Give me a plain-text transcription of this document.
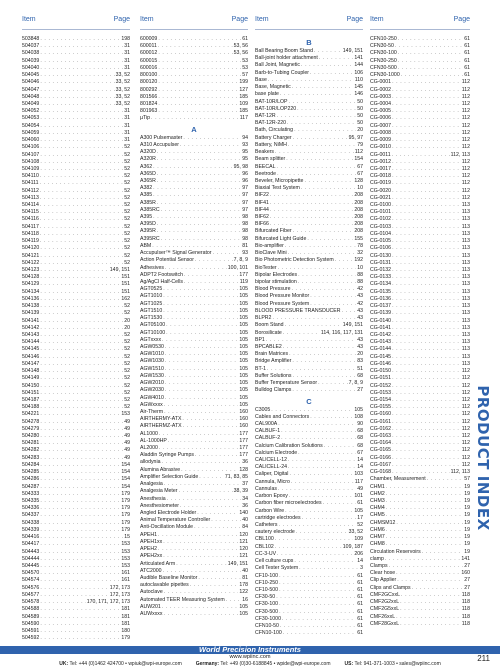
Item	Page Item	Page Item	Page Item	Page
503848 . . .	198
504037 . . .	31
504038 . . .	31
504039 . . .	31
504040 . . .	31
504045 . . .	33, 52
504046 . . .	33, 52
504047 . . .	33, 52
504048 . . .	33, 52
504049 . . .	33, 52
504052 . . .	31
504053 . . .	31
504054 . . .	31
504059 . . .	31
504060 . . .	31
504106 . . .	52
504107 . . .	52
504108 . . .	52
504109 . . .	52
504110 . . .	52
504111 . . .	52
504112 . . .	52
504113 . . .	52
504114 . . .	52
504115 . . .	52
504116 . . .	52
504117 . . .	52
504118 . . .	52
504119 . . .	52
504120 . . .	52
504121 . . .	52
504122 . . .	52
504123 . . .	149, 151
504128 . . .	151
504129 . . .	151
504134 . . .	151
504136 . . .	162
504138 . . .	52
504139 . . .	52
504141 . . .	20
504142 . . .	20
504143 . . .	52
504144 . . .	52
504145 . . .	52
504146 . . .	52
504147 . . .	52
504148 . . .	52
504149 . . .	52
504150 . . .	52
504151 . . .	52
504187 . . .	52
504188 . . .	52
504221 . . .	153
504278 . . .	49
504279 . . .	49
504280 . . .	49
504281 . . .	49
504282 . . .	49
504283 . . .	49
504284 . . .	154
504285 . . .	154
504286 . . .	154
504287 . . .	154
504333 . . .	179
504335 . . .	179
504336 . . .	179
504337 . . .	179
504338 . . .	179
504339 . . .	179
504416 . . .	15
504417 . . .	153
504443 . . .	153
504444 . . .	153
504445 . . .	153
504570 . . .	161
504574 . . .	161
504576 . . .	172, 173
504577 . . .	172, 173
504578 . . .	170, 171, 172, 173
504588 . . .	181
504589 . . .	181
504590 . . .	181
504591 . . .	180
504592 . . .	179
600009 . . .	61
600011 . . .	53, 56
600012 . . .	53, 56
600015 . . .	53
600016 . . .	53
800100 . . .	57
800120 . . .	199
800292 . . .	127
801566 . . .	185
801824 . . .	109
801963 . . .	185
µTip . . .	117
A
A300 Pulsemaster . . .	94
A310 Accupulser . . .	93
A320D . . .	95
A320R . . .	95
A362 . . .	95, 98
A365D . . .	96
A365R . . .	96
A382 . . .	97
A385 . . .	97
A385R . . .	97
A385RC . . .	97
A395 . . .	98
A395D . . .	98
A395R . . .	98
A395RC . . .	98
ABM . . .	81
Accupulser™ Signal Generator . . .	93
Action Potential Sensor . . .	7, 8, 9
Adhesives . . .	100, 101
ADPT2 Footswitch . . .	177
Ag/AgCl Half-Cells . . .	119
AGT0525 . . .	105
AGT1010 . . .	105
AGT1025 . . .	105
AGT1510 . . .	105
AGT1530 . . .	105
AGT05100 . . .	105
AGT10100 . . .	105
AGTxxxx . . .	105
AGW0530 . . .	105
AGW1010 . . .	105
AGW1030 . . .	105
AGW1510 . . .	105
AGW1530 . . .	105
AGW2010 . . .	105
AGW2030 . . .	105
AGW4010 . . .	105
AGWxxxx . . .	105
Air-Therm . . .	160
AIRTHERMY-ATX . . .	160
AIRTHERMZ-ATX . . .	160
AL1000 . . .	177
AL-1000HP . . .	177
AL2000 . . .	177
Aladdin Syringe Pumps . . .	177
allodynia . . .	36
Alumina Abrasive . . .	128
Amplifier Selection Guide . . .	71, 83, 85
Analgesia . . .	37
Analgesia Meter . . .	38, 39
Anesthesia . . .	34
Anesthesiometer . . .	36
Angled Electrode Holder . . .	140
Animal Temperature Controller . . .	40
Anti-Oscillation Module . . .	84
APEH1 . . .	120
APEH1xx . . .	121
APEH2 . . .	120
APEH2xx . . .	121
Articulated Arm . . .	149, 151
ATC2000 . . .	40
Audible Baseline Monitor . . .	81
autoclavable pipettes . . .	178
Autoclave . . .	122
Automated TEER Measuring System . . .	16
AUW201 . . .	105
AUWxxxx . . .	105
B
Ball Bearing Boom Stand . . .	149, 151
Ball-joint holder attachment . . .	141
Ball Joint, Magnetic . . .	144
Barb-to-Tubing Coupler . . .	106
Base . . .	110
Base, Magnetic . . .	145
base plate . . .	146
BAT-10R/LOP . . .	50
BAT-10R/LOP220 . . .	50
BAT-12R . . .	50
BAT-12R-220 . . .	50
Bath, Circulating . . .	20
Battery Charger . . .	95, 97
Battery, NiMH . . .	79
Beakers . . .	112
Beam splitter . . .	154
BEECAL . . .	67
Beetrode . . .	67
Beveler, Micropipette . . .	128
Biaxial Test System . . .	10
BIF22 . . .	208
BIF41 . . .	208
BIF44 . . .	208
BIF62 . . .	208
BIF66 . . .	208
Bifurcated Fiber . . .	208
Bifurcated Light Guide . . .	155
Bio-amplifier . . .	78
BioClave Mini . . .	32
Bio Photometric Detection System . . .	192
BioTester . . .	10
Bipolar Electrodes . . .	88
bipolar stimulation . . .	88
Blood Pressure . . .	42
Blood Pressure Monitor . . .	43
Blood Pressure System . . .	42
BLOOD PRESSURE TRANSDUCER . . .	43
BLPR2 . . .	43
Boom Stand . . .	149, 151
Borosilicate . . .	114, 116, 117, 131
BP1 . . .	43
BPCABLE2 . . .	43
Brain Matrices . . .	20
Bridge Amplifier . . .	83
BT-1 . . .	51
Buffer Solutions . . .	68
Buffer Temperature Sensor . . .	7, 8, 9
Bulldog Clamps . . .	27
C
C3005 . . .	105
Cables and Connectors . . .	108
CAL900A . . .	90
CALBUF-1 . . .	68
CALBUF-2 . . .	68
Calcium Calibration Solutions . . .	68
Calcium Electrode . . .	67
CALICELL-12 . . .	14
CALICELL-24 . . .	14
Caliper, Digital . . .	103
Cannula, Micro . . .	117
Cannulas . . .	49
Carbon Epoxy . . .	101
Carbon fiber microelectrodes . . .	61
Carbon Wire . . .	105
cartridge electrodes . . .	17
Catheters . . .	52
cautery electrode . . .	33, 52
CBL100 . . .	109
CBL102 . . .	109, 187
CC-3-UV . . .	206
Cell culture cups . . .	14
Cell Tester System . . .	3
CF10-100 . . .	61
CF10-250 . . .	61
CF10-500 . . .	61
CF30-50 . . .	61
CF30-100 . . .	61
CF30-500 . . .	61
CF30-1000 . . .	61
CFN10-50 . . .	61
CFN10-100 . . .	61
CFN10-250 . . .	61
CFN30-50 . . .	61
CFN30-100 . . .	61
CFN30-250 . . .	61
CFN30-500 . . .	61
CFN30-1000 . . .	61
CG-0001 . . .	112
CG-0002 . . .	112
CG-0003 . . .	112
CG-0004 . . .	112
CG-0005 . . .	112
CG-0006 . . .	112
CG-0007 . . .	112
CG-0008 . . .	112
CG-0009 . . .	112
CG-0010 . . .	112
CG-0011 . . .	112, 113
CG-0012 . . .	112
CG-0017 . . .	112
CG-0018 . . .	112
CG-0019 . . .	112
CG-0020 . . .	112
CG-0021 . . .	112
CG-0100 . . .	113
CG-0101 . . .	113
CG-0102 . . .	113
CG-0103 . . .	113
CG-0104 . . .	113
CG-0105 . . .	113
CG-0106 . . .	113
CG-0130 . . .	113
CG-0131 . . .	113
CG-0132 . . .	113
CG-0133 . . .	113
CG-0134 . . .	113
CG-0135 . . .	113
CG-0136 . . .	113
CG-0137 . . .	113
CG-0139 . . .	113
CG-0140 . . .	113
CG-0141 . . .	113
CG-0142 . . .	113
CG-0143 . . .	113
CG-0144 . . .	113
CG-0145 . . .	113
CG-0146 . . .	113
CG-0150 . . .	112
CG-0151 . . .	112
CG-0152 . . .	112
CG-0153 . . .	112
CG-0154 . . .	112
CG-0155 . . .	112
CG-0160 . . .	112
CG-0161 . . .	112
CG-0162 . . .	112
CG-0163 . . .	112
CG-0164 . . .	112
CG-0165 . . .	112
CG-0166 . . .	112
CG-0167 . . .	112
CG-0168 . . .	112, 113
Chamber, Measurement . . .	57
CHM1 . . .	19
CHM2 . . .	19
CHM3 . . .	19
CHM4 . . .	19
CHM5 . . .	19
CHMSM12 . . .	19
CHM6 . . .	19
CHM7 . . .	19
CHM8 . . .	19
Circulation Reservoirs . . .	19
clamp . . .	141
Clamps . . .	27
Clear hose . . .	160
Clip Applier . . .	27
Clips and Clamps . . .	27
CMF2GCxxL . . .	118
CMF2G2xxL . . .	118
CMF2G5xxL . . .	118
CMF26xxL . . .	118
CMF28GxxL . . .	118
PRODUCT INDEX
World Precision Instruments
www.wpiinc.com
UK: Tel: +44 (0)1462 424700 • wpiuk@wpi-europe.com	Germany: Tel: +49 (0)30-6188845 • wpide@wpi-europe.com	US: Tel: 941-371-1003 • sales@wpiinc.com
211
